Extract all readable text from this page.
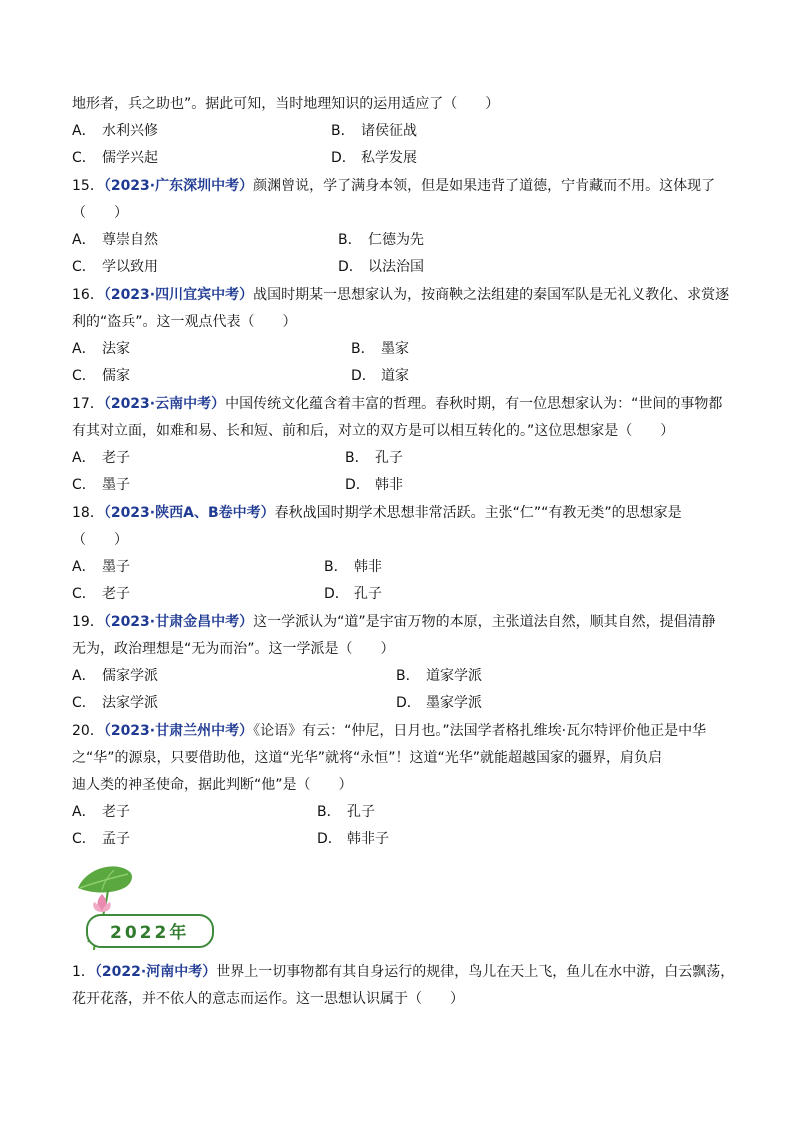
地形者，兵之助也”。据此可知，当时地理知识的运用适应了（　　）
A． 水利兴修	B． 诸侯征战
C． 儒学兴起	D． 私学发展
15．（2023·广东深圳中考）颜渊曾说，学了满身本领，但是如果违背了道德，宁肯藏而不用。这体现了
（　　）
A． 尊崇自然	B． 仁德为先
C． 学以致用	D． 以法治国
16．（2023·四川宜宾中考）战国时期某一思想家认为，按商鞅之法组建的秦国军队是无礼义教化、求赏逐
利的“盗兵”。这一观点代表（　　）
A． 法家	B． 墨家
C． 儒家	D． 道家
17．（2023·云南中考）中国传统文化蕴含着丰富的哲理。春秋时期，有一位思想家认为：“世间的事物都
有其对立面，如难和易、长和短、前和后，对立的双方是可以相互转化的。”这位思想家是（　　）
A． 老子	B． 孔子
C． 墨子	D． 韩非
18．（2023·陕西A、B卷中考）春秋战国时期学术思想非常活跃。主张“仁”“有教无类”的思想家是
（　　）
A． 墨子	B． 韩非
C． 老子	D． 孔子
19．（2023·甘肃金昌中考）这一学派认为“道”是宇宙万物的本原，主张道法自然，顺其自然，提倡清静
无为，政治理想是“无为而治”。这一学派是（　　）
A． 儒家学派	B． 道家学派
C． 法家学派	D． 墨家学派
20．（2023·甘肃兰州中考）《论语》有云：“仲尼，日月也。”法国学者格扎维埃·瓦尔特评价他正是中华
之“华”的源泉，只要借助他，这道“光华”就将“永恒”！这道“光华”就能超越国家的疆界，肩负启
迪人类的神圣使命，据此判断“他”是（　　）
A． 老子	B． 孔子
C． 孟子	D． 韩非子
2022年
1．（2022·河南中考）世界上一切事物都有其自身运行的规律，鸟儿在天上飞，鱼儿在水中游，白云飘荡，
花开花落，并不依人的意志而运作。这一思想认识属于（　　）
